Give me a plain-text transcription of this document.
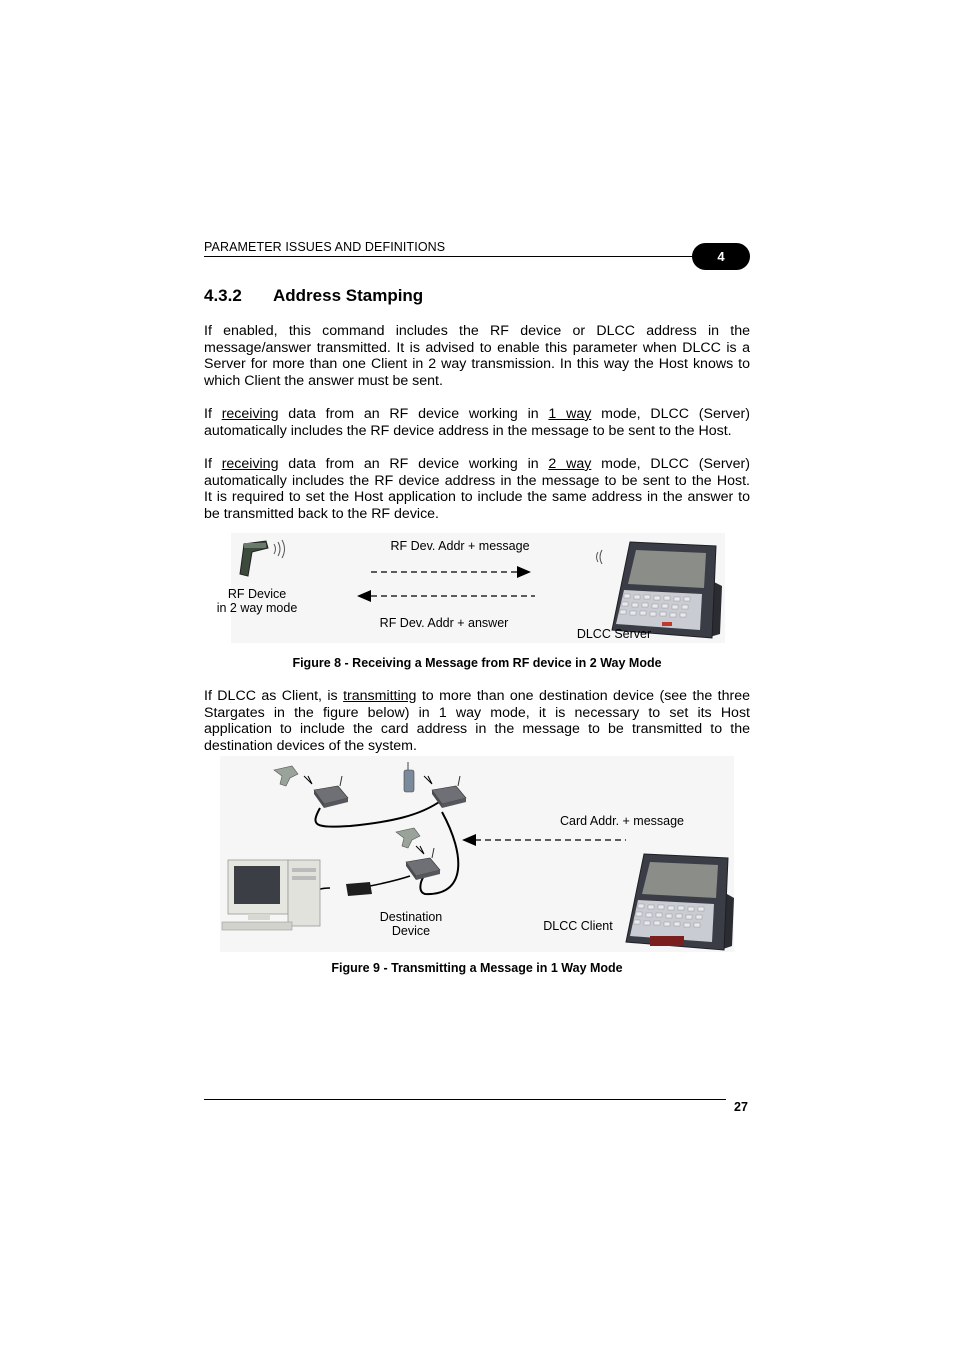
PARAMETER ISSUES AND DEFINITIONS
4
4.3.2 Address Stamping
If enabled, this command includes the RF device or DLCC address in the
message/answer transmitted. It is advised to enable this parameter when DLCC is a
Server for more than one Client in 2 way transmission. In this way the Host knows to
which Client the answer must be sent.
If receiving data from an RF device working in 1 way mode, DLCC (Server)
automatically includes the RF device address in the message to be sent to the Host.
If receiving data from an RF device working in 2 way mode, DLCC (Server)
automatically includes the RF device address in the message to be sent to the Host.
It is required to set the Host application to include the same address in the answer to
be transmitted back to the RF device.
RF Device
in 2 way mode
RF Dev. Addr + message
RF Dev. Addr + answer
DLCC Server
Figure 8 - Receiving a Message from RF device in 2 Way Mode
If DLCC as Client, is transmitting to more than one destination device (see the three
Stargates in the figure below) in 1 way mode, it is necessary to set its Host
application to include the card address in the message to be transmitted to the
destination devices of the system.
Card Addr. + message
Destination
Device	DLCC Client
Figure 9 - Transmitting a Message in 1 Way Mode
27
